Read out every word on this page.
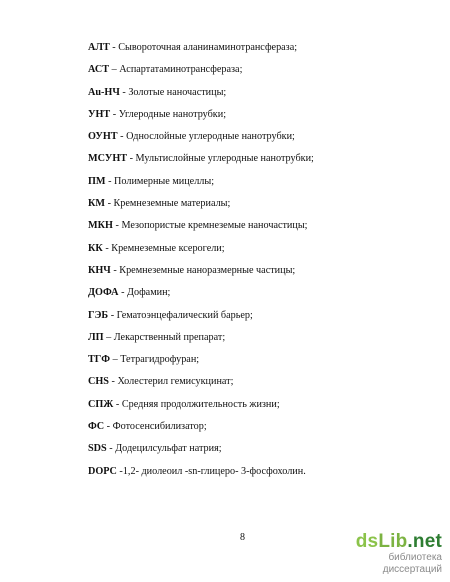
АЛТ - Сывороточная аланинаминотрансфераза;
АСТ – Аспартатаминотрансфераза;
Au-НЧ - Золотые наночастицы;
УНТ - Углеродные нанотрубки;
ОУНТ - Однослойные углеродные нанотрубки;
МСУНТ - Мультислойные углеродные нанотрубки;
ПМ - Полимерные мицеллы;
КМ - Кремнеземные материалы;
МКН - Мезопористые кремнеземые наночастицы;
КК - Кремнеземные ксерогели;
КНЧ - Кремнеземные наноразмерные частицы;
ДОФА - Дофамин;
ГЭБ - Гематоэнцефалический барьер;
ЛП – Лекарственный препарат;
ТГФ – Тетрагидрофуран;
CHS - Холестерил гемисукцинат;
СПЖ - Средняя продолжительность жизни;
ФС - Фотосенсибилизатор;
SDS - Додецилсульфат натрия;
DOPC -1,2- диолеоил -sn-глицеро- 3-фосфохолин.
8	dsLib.net
библиотека диссертаций
